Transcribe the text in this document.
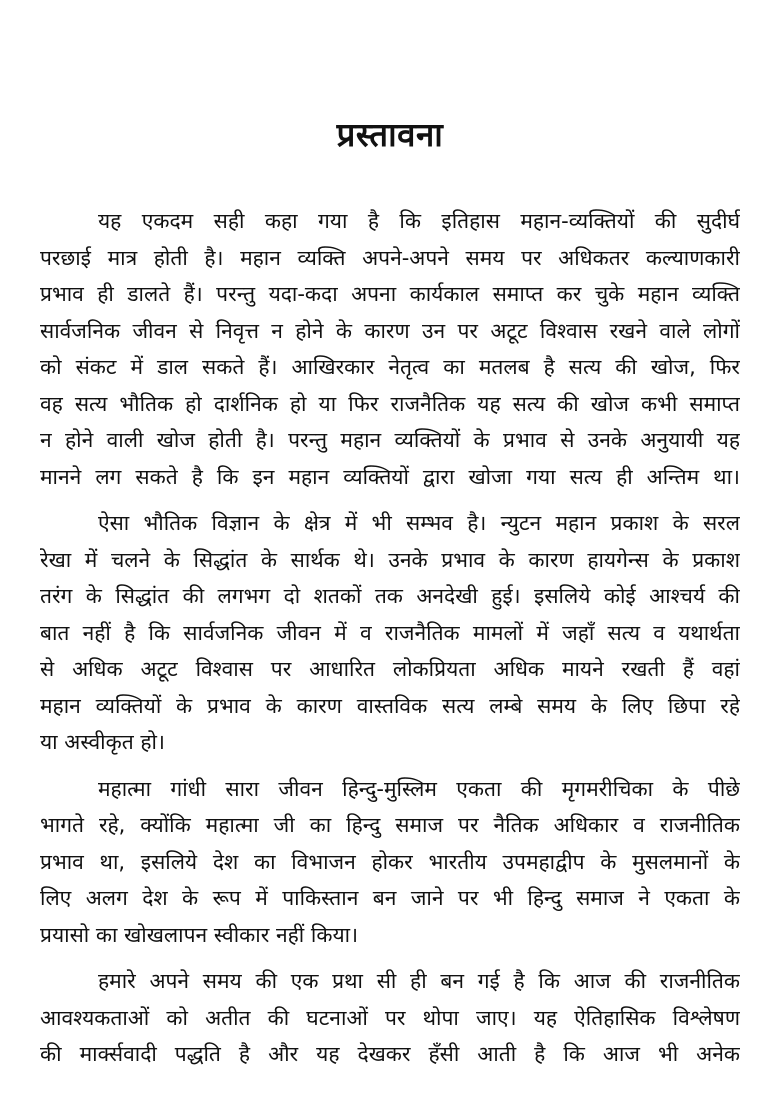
प्रस्तावना
यह एकदम सही कहा गया है कि इतिहास महान-व्यक्तियों की सुदीर्घ
परछाई मात्र होती है। महान व्यक्ति अपने-अपने समय पर अधिकतर कल्याणकारी
प्रभाव ही डालते हैं। परन्तु यदा-कदा अपना कार्यकाल समाप्त कर चुके महान व्यक्ति
सार्वजनिक जीवन से निवृत्त न होने के कारण उन पर अटूट विश्वास रखने वाले लोगों
को संकट में डाल सकते हैं। आखिरकार नेतृत्व का मतलब है सत्य की खोज, फिर
वह सत्य भौतिक हो दार्शनिक हो या फिर राजनैतिक यह सत्य की खोज कभी समाप्त
न होने वाली खोज होती है। परन्तु महान व्यक्तियों के प्रभाव से उनके अनुयायी यह
मानने लग सकते है कि इन महान व्यक्तियों द्वारा खोजा गया सत्य ही अन्तिम था।
ऐसा भौतिक विज्ञान के क्षेत्र में भी सम्भव है। न्युटन महान प्रकाश के सरल
रेखा में चलने के सिद्धांत के सार्थक थे। उनके प्रभाव के कारण हायगेन्स के प्रकाश
तरंग के सिद्धांत की लगभग दो शतकों तक अनदेखी हुई। इसलिये कोई आश्चर्य की
बात नहीं है कि सार्वजनिक जीवन में व राजनैतिक मामलों में जहाँ सत्य व यथार्थता
से अधिक अटूट विश्वास पर आधारित लोकप्रियता अधिक मायने रखती हैं वहां
महान व्यक्तियों के प्रभाव के कारण वास्तविक सत्य लम्बे समय के लिए छिपा रहे
या अस्वीकृत हो।
महात्मा गांधी सारा जीवन हिन्दु-मुस्लिम एकता की मृगमरीचिका के पीछे
भागते रहे, क्योंकि महात्मा जी का हिन्दु समाज पर नैतिक अधिकार व राजनीतिक
प्रभाव था, इसलिये देश का विभाजन होकर भारतीय उपमहाद्वीप के मुसलमानों के
लिए अलग देश के रूप में पाकिस्तान बन जाने पर भी हिन्दु समाज ने एकता के
प्रयासो का खोखलापन स्वीकार नहीं किया।
हमारे अपने समय की एक प्रथा सी ही बन गई है कि आज की राजनीतिक
आवश्यकताओं को अतीत की घटनाओं पर थोपा जाए। यह ऐतिहासिक विश्लेषण
की मार्क्सवादी पद्धति है और यह देखकर हँसी आती है कि आज भी अनेक
